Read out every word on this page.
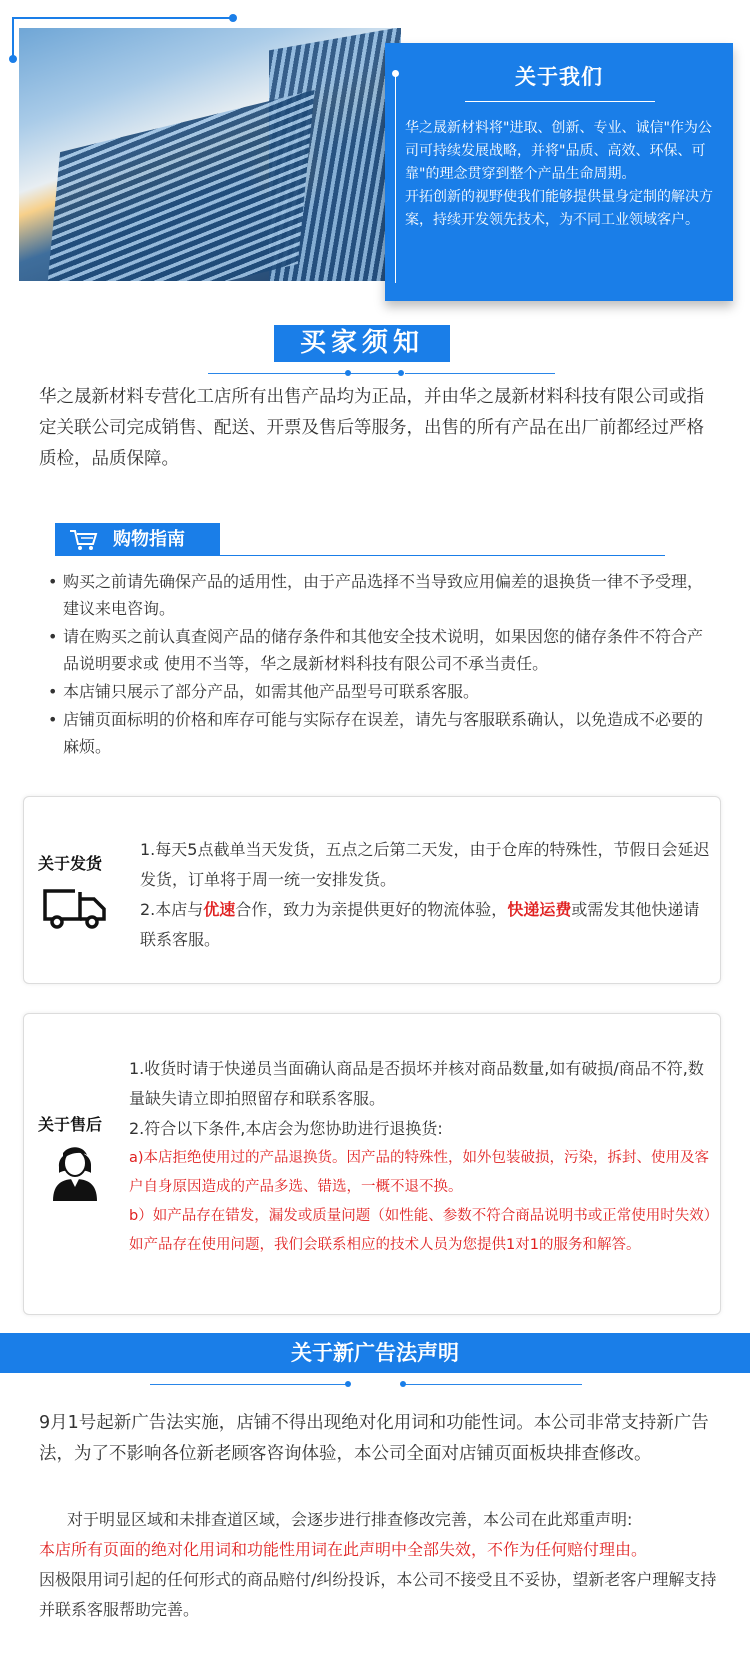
关于我们
华之晟新材料将"进取、创新、专业、诚信"作为公司可持续发展战略，并将"品质、高效、环保、可靠"的理念贯穿到整个产品生命周期。
开拓创新的视野使我们能够提供量身定制的解决方案，持续开发领先技术，为不同工业领域客户。
买家须知
华之晟新材料专营化工店所有出售产品均为正品，并由华之晟新材料科技有限公司或指定关联公司完成销售、配送、开票及售后等服务，出售的所有产品在出厂前都经过严格质检，品质保障。
购物指南
• 购买之前请先确保产品的适用性，由于产品选择不当导致应用偏差的退换货一律不予受理，建议来电咨询。
• 请在购买之前认真查阅产品的储存条件和其他安全技术说明，如果因您的储存条件不符合产品说明要求或 使用不当等，华之晟新材料科技有限公司不承当责任。
• 本店铺只展示了部分产品，如需其他产品型号可联系客服。
• 店铺页面标明的价格和库存可能与实际存在误差，请先与客服联系确认，以免造成不必要的麻烦。
关于发货
1.每天5点截单当天发货，五点之后第二天发，由于仓库的特殊性，节假日会延迟发货，订单将于周一统一安排发货。
2.本店与优速合作，致力为亲提供更好的物流体验，快递运费或需发其他快递请联系客服。
关于售后
1.收货时请于快递员当面确认商品是否损坏并核对商品数量,如有破损/商品不符,数量缺失请立即拍照留存和联系客服。
2.符合以下条件,本店会为您协助进行退换货:
a)本店拒绝使用过的产品退换货。因产品的特殊性，如外包装破损，污染，拆封、使用及客户自身原因造成的产品多选、错选，一概不退不换。
b）如产品存在错发，漏发或质量问题（如性能、参数不符合商品说明书或正常使用时失效）如产品存在使用问题，我们会联系相应的技术人员为您提供1对1的服务和解答。
关于新广告法声明
9月1号起新广告法实施，店铺不得出现绝对化用词和功能性词。本公司非常支持新广告法，为了不影响各位新老顾客咨询体验，本公司全面对店铺页面板块排查修改。
对于明显区域和未排查道区域，会逐步进行排查修改完善，本公司在此郑重声明:
本店所有页面的绝对化用词和功能性用词在此声明中全部失效，不作为任何赔付理由。
因极限用词引起的任何形式的商品赔付/纠纷投诉，本公司不接受且不妥协，望新老客户理解支持并联系客服帮助完善。
